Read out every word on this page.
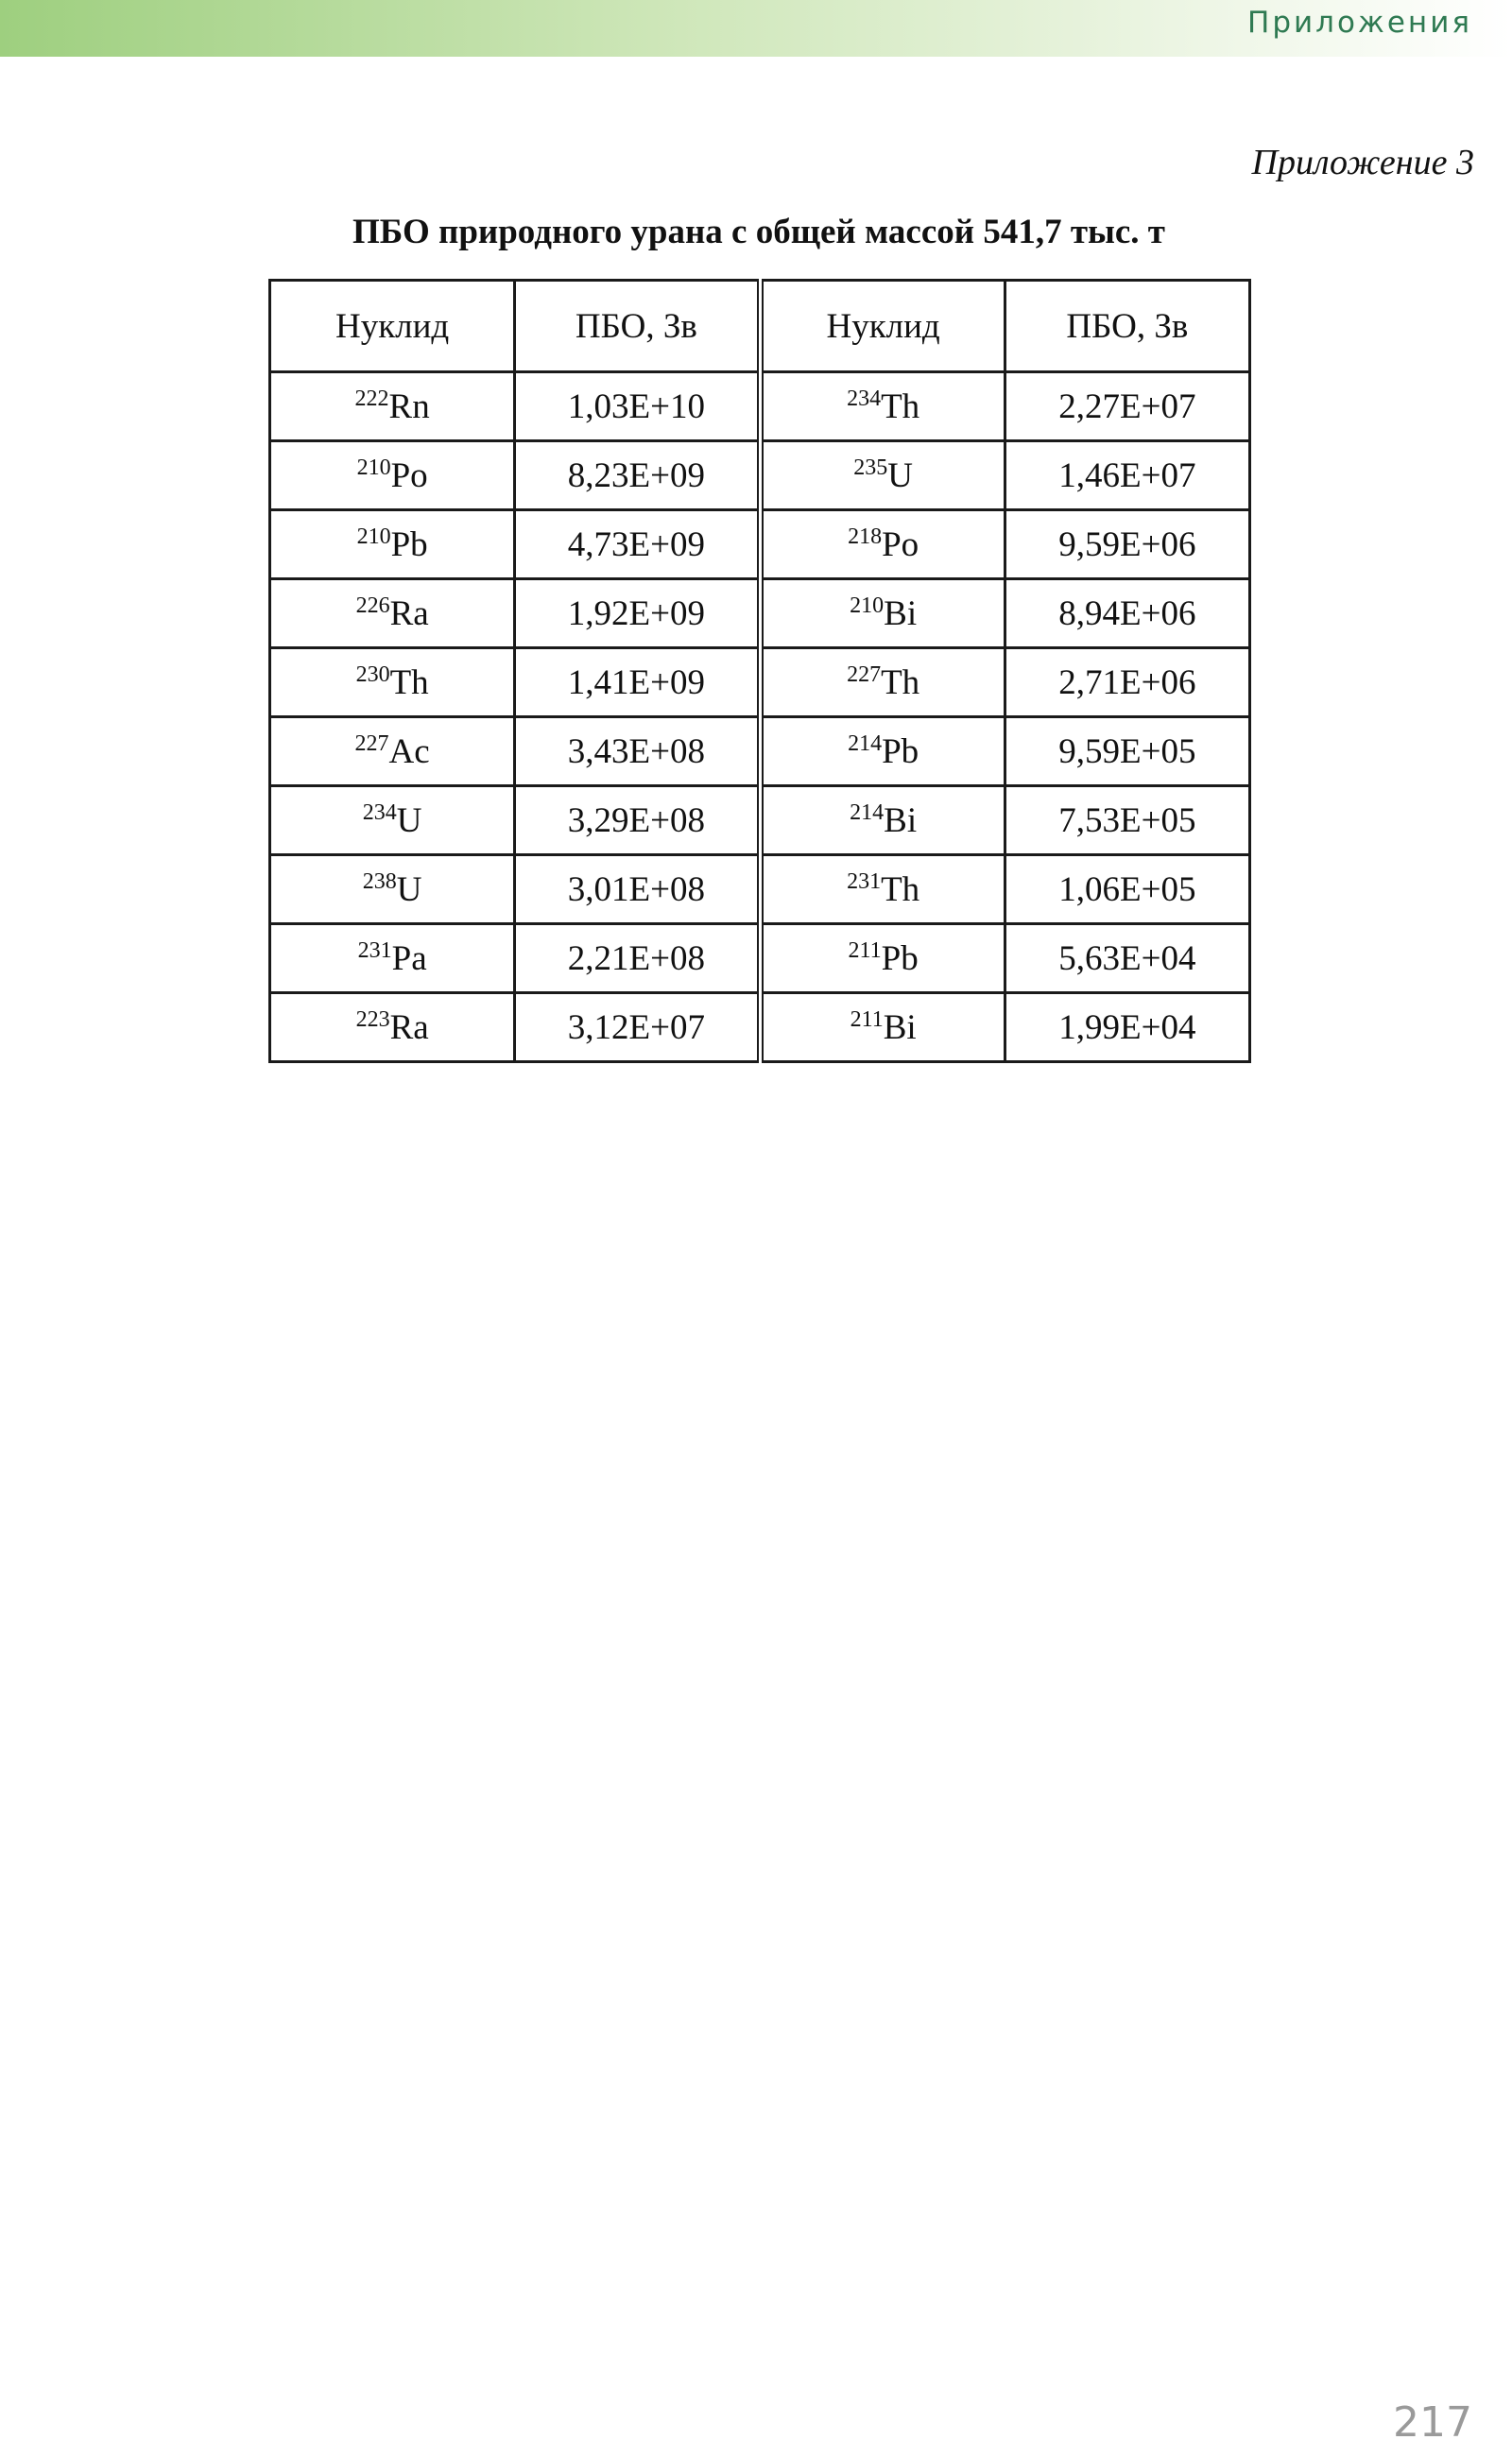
Приложения
Приложение 3
ПБО природного урана с общей массой 541,7 тыс. т
Нуклид	ПБО, Зв	Нуклид	ПБО, Зв
$^{222}$Rn	1,03E+10	$^{234}$Th	2,27E+07
$^{210}$Po	8,23E+09	$^{235}$U	1,46E+07
$^{210}$Pb	4,73E+09	$^{218}$Po	9,59E+06
$^{226}$Ra	1,92E+09	$^{210}$Bi	8,94E+06
$^{230}$Th	1,41E+09	$^{227}$Th	2,71E+06
$^{227}$Ac	3,43E+08	$^{214}$Pb	9,59E+05
$^{234}$U	3,29E+08	$^{214}$Bi	7,53E+05
$^{238}$U	3,01E+08	$^{231}$Th	1,06E+05
$^{231}$Pa	2,21E+08	$^{211}$Pb	5,63E+04
$^{223}$Ra	3,12E+07	$^{211}$Bi	1,99E+04
217
